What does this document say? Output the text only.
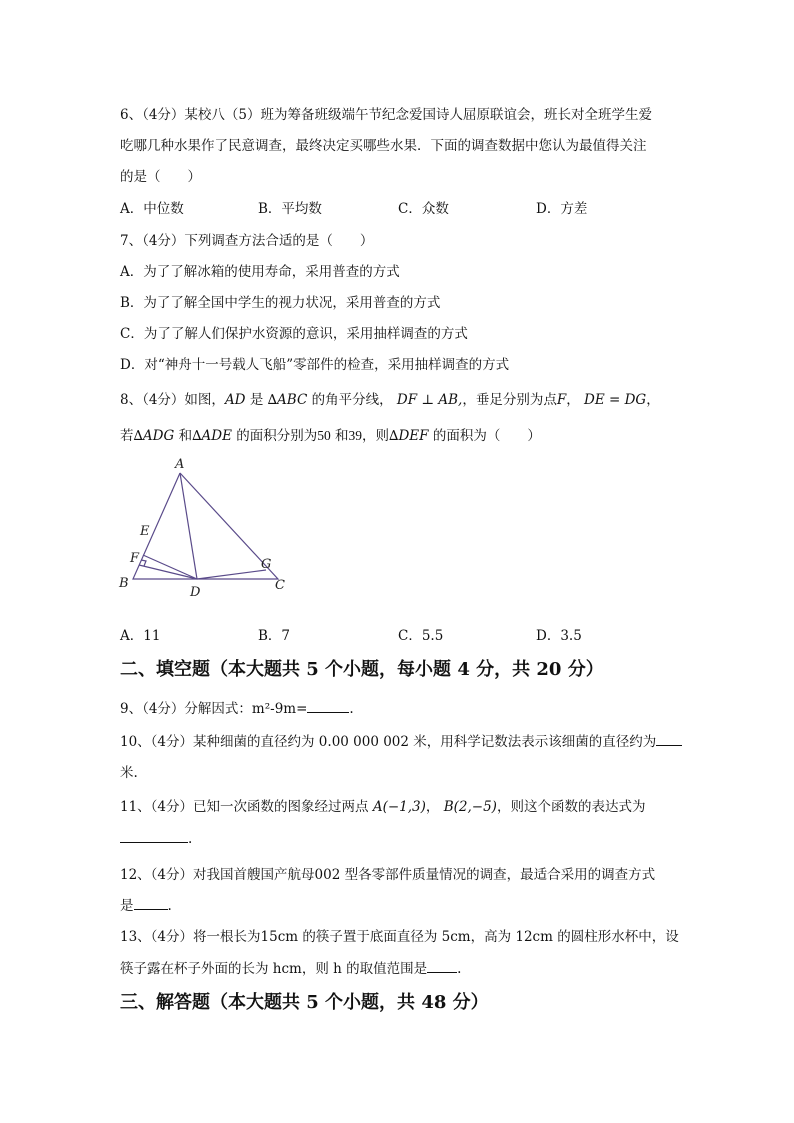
6、（4分）某校八（5）班为筹备班级端午节纪念爱国诗人屈原联谊会，班长对全班学生爱
吃哪几种水果作了民意调查，最终决定买哪些水果．下面的调查数据中您认为最值得关注
的是（　　）
A．中位数	B．平均数	C．众数	D．方差
7、（4分）下列调查方法合适的是（　　）
A．为了了解冰箱的使用寿命，采用普查的方式
B．为了了解全国中学生的视力状况，采用普查的方式
C．为了了解人们保护水资源的意识，采用抽样调查的方式
D．对“神舟十一号载人飞船”零部件的检查，采用抽样调查的方式
8、（4分）如图，AD 是 ∆ABC 的角平分线， DF ⊥ AB,，垂足分别为点F， DE = DG，
若∆ADG 和∆ADE 的面积分别为50 和39，则∆DEF 的面积为（　　）
A
B	C
D
E
F	G
A．11	B．7	C．5.5	D．3.5
二、填空题（本大题共 5 个小题，每小题 4 分，共 20 分）
9、（4分）分解因式：m²-9m=	.
10、（4分）某种细菌的直径约为 0.00 000 002 米，用科学记数法表示该细菌的直径约为
米.
11、（4分）已知一次函数的图象经过两点 A(−1,3)， B(2,−5)，则这个函数的表达式为
.
12、（4分）对我国首艘国产航母002 型各零部件质量情况的调查，最适合采用的调查方式
是	.
13、（4分）将一根长为15cm 的筷子置于底面直径为 5cm，高为 12cm 的圆柱形水杯中，设
筷子露在杯子外面的长为 hcm，则 h 的取值范围是 .
三、解答题（本大题共 5 个小题，共 48 分）
